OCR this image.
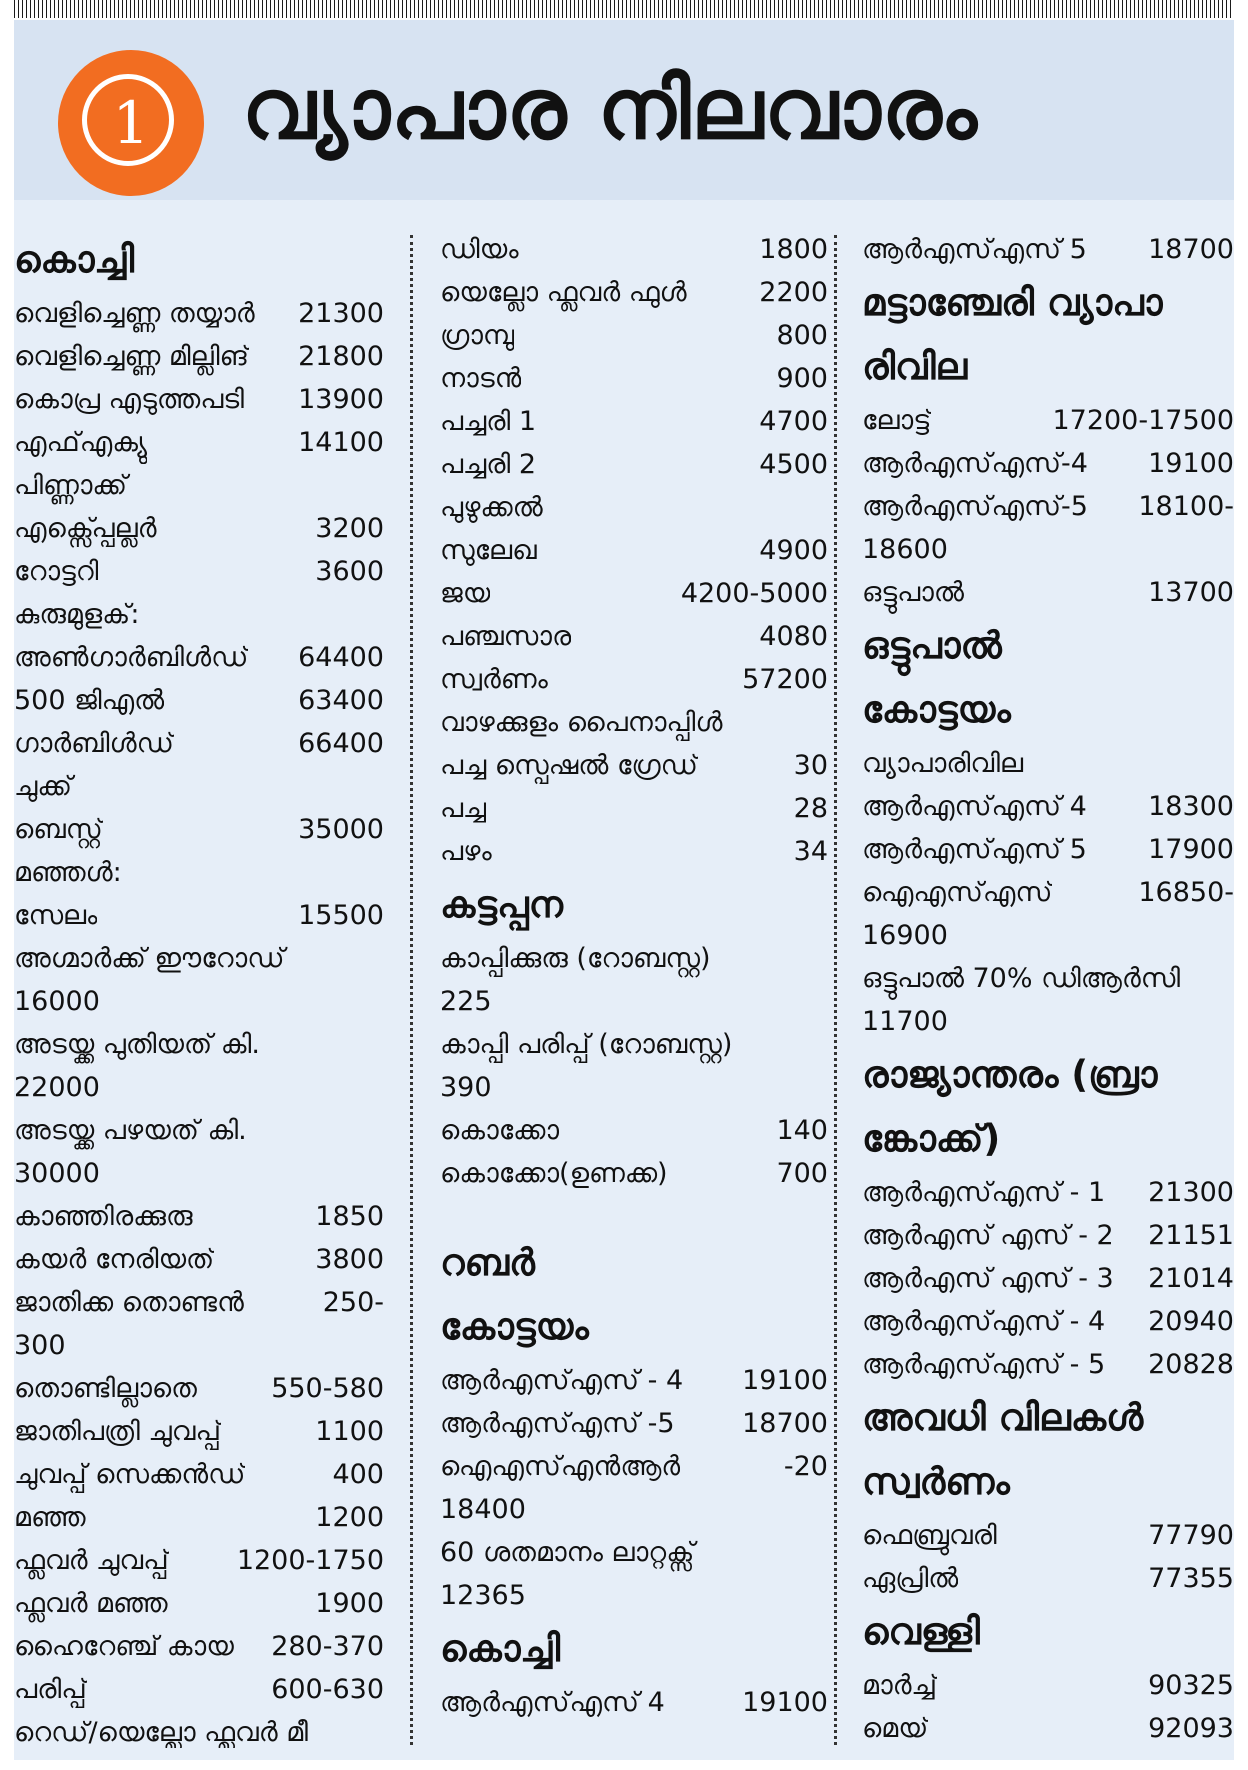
1	വ്യാപാര നിലവാരം
കൊച്ചി
വെളിച്ചെണ്ണ തയ്യാർ 21300
വെളിച്ചെണ്ണ മില്ലിങ് 21800
കൊപ്ര എടുത്തപടി 13900
എഫ്എക്യു	14100
പിണ്ണാക്ക്
എക്സ്പ്പെല്ലർ	3200
റോട്ടറി	3600
കുരുമുളക്:
അൺഗാർബിൾഡ് 64400
500 ജിഎൽ	63400
ഗാർബിൾഡ്	66400
ചുക്ക്
ബെസ്റ്റ്	35000
മഞ്ഞൾ:
സേലം	15500
അഗ്മാർക്ക് ഈറോഡ്
16000
അടയ്ക്ക പുതിയത് കി.
22000
അടയ്ക്ക പഴയത് കി.
30000
കാഞ്ഞിരക്കുരു	1850
കയർ നേരിയത്	3800
ജാതിക്ക തൊണ്ടൻ	250-
300
തൊണ്ടില്ലാതെ	550-580
ജാതിപത്രി ചുവപ്പ്	1100
ചുവപ്പ് സെക്കൻഡ്	400
മഞ്ഞ	1200
ഫ്ലവർ ചുവപ്പ്	1200-1750
ഫ്ലവർ മഞ്ഞ	1900
ഹൈറേഞ്ച് കായ 280-370
പരിപ്പ്	600-630
റെഡ്/യെല്ലോ ഫ്ലവർ മീ
ഡിയം	1800
യെല്ലോ ഫ്ലവർ ഫുൾ	2200
ഗ്രാമ്പു	800
നാടൻ	900
പച്ചരി 1	4700
പച്ചരി 2	4500
പുഴുക്കൽ
സുലേഖ	4900
ജയ	4200-5000
പഞ്ചസാര	4080
സ്വർണം	57200
വാഴക്കുളം പൈനാപ്പിൾ
പച്ച സ്പെഷൽ ഗ്രേഡ്	30
പച്ച	28
പഴം	34
കട്ടപ്പന
കാപ്പിക്കുരു (റോബസ്റ്റ)
225
കാപ്പി പരിപ്പ് (റോബസ്റ്റ)
390
കൊക്കോ	140
കൊക്കോ(ഉണക്ക)	700
റബർ
കോട്ടയം
ആർഎസ്എസ് - 4 19100
ആർഎസ്എസ് -5	18700
ഐഎസ്എൻആർ	-20
18400
60 ശതമാനം ലാറ്റക്സ്
12365
കൊച്ചി
ആർഎസ്എസ് 4	19100
ആർഎസ്എസ് 5 18700
മട്ടാഞ്ചേരി വ്യാപാ
രിവില
ലോട്ട്	17200-17500
ആർഎസ്എസ്-4 19100
ആർഎസ്എസ്-5 18100-
18600
ഒട്ടുപാൽ	13700
ഒട്ടുപാൽ
കോട്ടയം
വ്യാപാരിവില
ആർഎസ്എസ് 4 18300
ആർഎസ്എസ് 5 17900
ഐഎസ്എസ്	16850-
16900
ഒട്ടുപാൽ 70% ഡിആർസി
11700
രാജ്യാന്തരം (ബ്രാ
ങ്കോക്ക്)
ആർഎസ്എസ് - 1 21300
ആർഎസ് എസ് - 2 21151
ആർഎസ് എസ് - 3 21014
ആർഎസ്എസ് - 4 20940
ആർഎസ്എസ് - 5 20828
അവധി വിലകൾ
സ്വർണം
ഫെബ്രുവരി	77790
ഏപ്രിൽ	77355
വെള്ളി
മാർച്ച്	90325
മെയ്	92093
